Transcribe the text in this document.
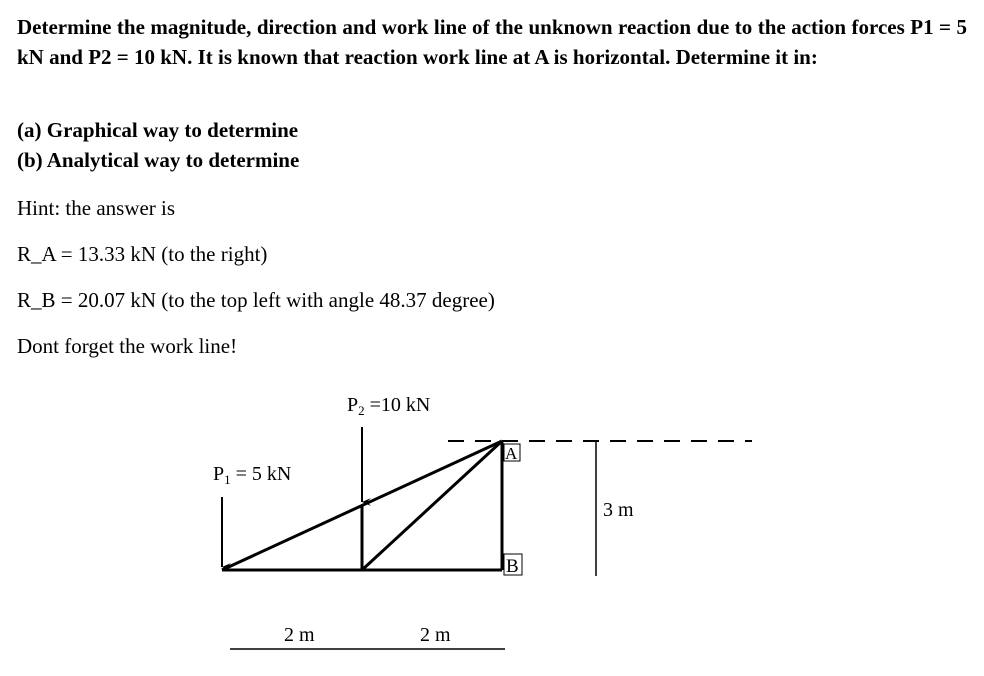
Determine the magnitude, direction and work line of the unknown reaction due to the action forces P1 = 5 kN and P2 = 10 kN. It is known that reaction work line at A is horizontal. Determine it in:
(a) Graphical way to determine
(b) Analytical way to determine
Hint: the answer is
R_A = 13.33 kN (to the right)
R_B = 20.07 kN (to the top left with angle 48.37 degree)
Dont forget the work line!
A
B
$P_1 = 5$ kN
$P_2 =10$ kN
3 m
2 m	2 m
